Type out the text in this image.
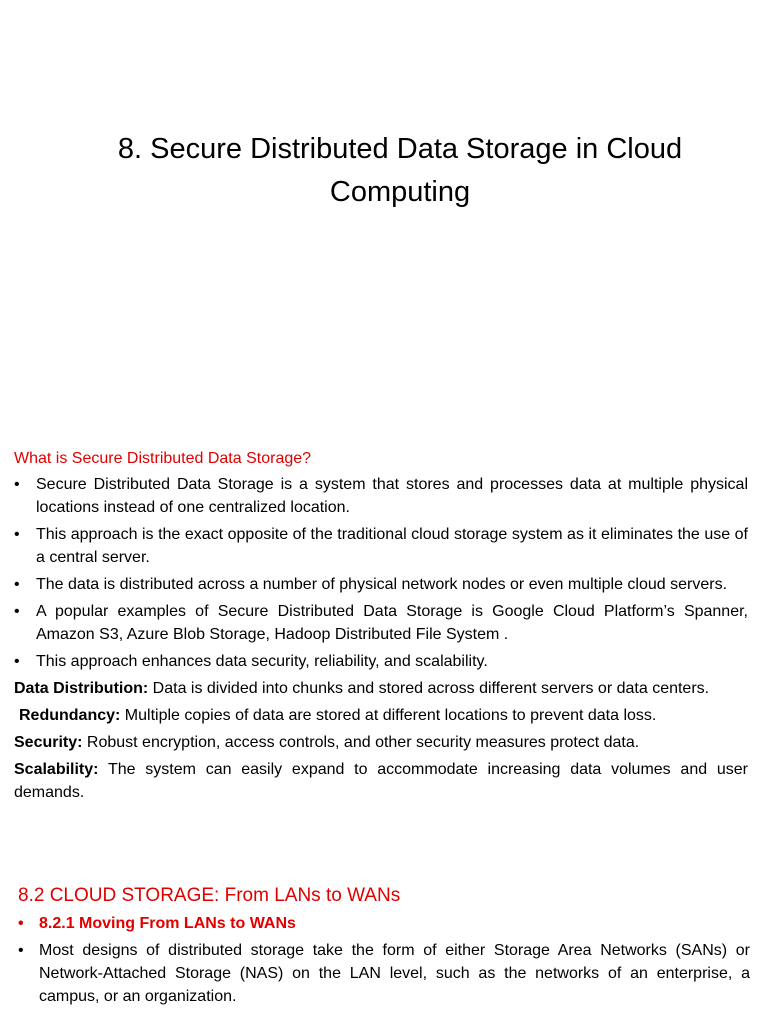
8. Secure Distributed Data Storage in Cloud
Computing
What is Secure Distributed Data Storage?
• Secure Distributed Data Storage is a system that stores and processes data at multiple physical locations instead of one centralized location.
• This approach is the exact opposite of the traditional cloud storage system as it eliminates the use of a central server.
• The data is distributed across a number of physical network nodes or even multiple cloud servers.
• A popular examples of Secure Distributed Data Storage is Google Cloud Platform’s Spanner, Amazon S3, Azure Blob Storage, Hadoop Distributed File System .
• This approach enhances data security, reliability, and scalability.

Data Distribution: Data is divided into chunks and stored across different servers or data centers.

Redundancy: Multiple copies of data are stored at different locations to prevent data loss.

Security: Robust encryption, access controls, and other security measures protect data.

Scalability: The system can easily expand to accommodate increasing data volumes and user demands.

8.2 CLOUD STORAGE: From LANs to WANs
• 8.2.1 Moving From LANs to WANs
• Most designs of distributed storage take the form of either Storage Area Networks (SANs) or Network-Attached Storage (NAS) on the LAN level, such as the networks of an enterprise, a campus, or an organization.
